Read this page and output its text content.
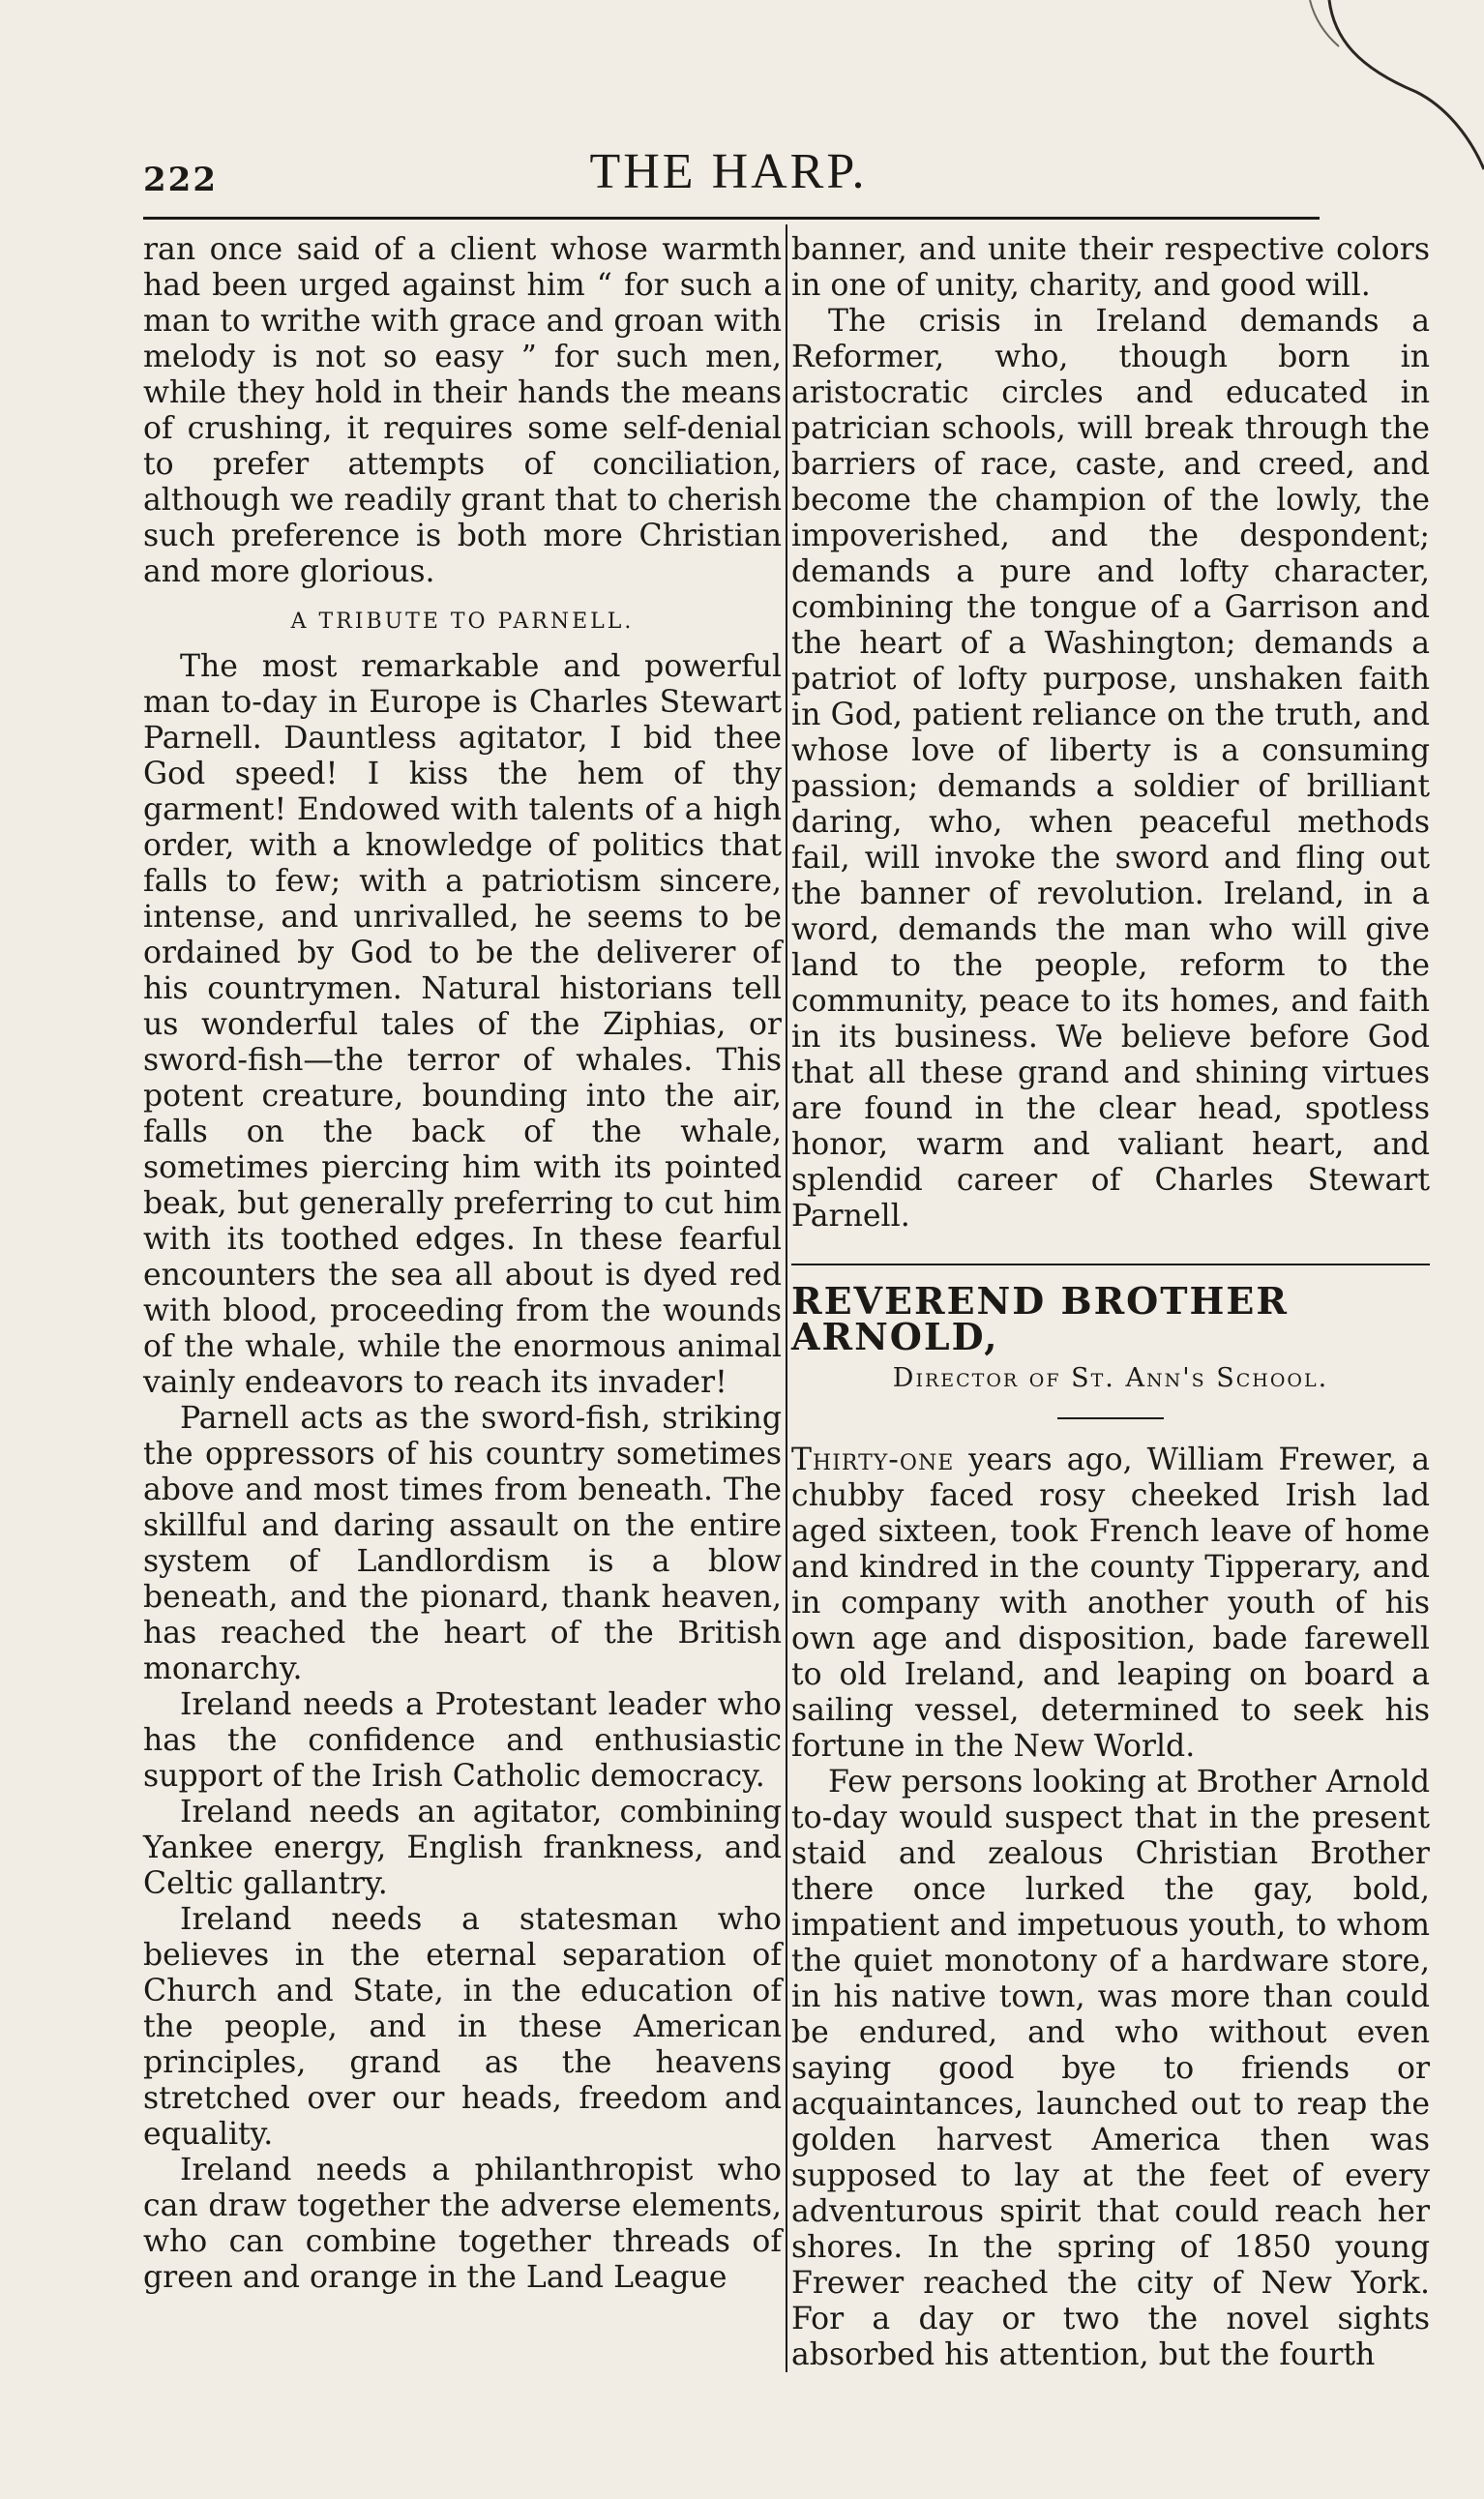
222	THE HARP.

ran once said of a client whose warmth had been urged against him “ for such a man to writhe with grace and groan with melody is not so easy ” for such men, while they hold in their hands the means of crushing, it requires some self-denial to prefer attempts of conciliation, although we readily grant that to cherish such preference is both more Christian and more glorious.

A TRIBUTE TO PARNELL.

The most remarkable and powerful man to-day in Europe is Charles Stewart Parnell. Dauntless agitator, I bid thee God speed! I kiss the hem of thy garment! Endowed with talents of a high order, with a knowledge of politics that falls to few; with a patriotism sincere, intense, and unrivalled, he seems to be ordained by God to be the deliverer of his countrymen. Natural historians tell us wonderful tales of the Ziphias, or sword-fish—the terror of whales. This potent creature, bounding into the air, falls on the back of the whale, sometimes piercing him with its pointed beak, but generally preferring to cut him with its toothed edges. In these fearful encounters the sea all about is dyed red with blood, proceeding from the wounds of the whale, while the enormous animal vainly endeavors to reach its invader!

Parnell acts as the sword-fish, striking the oppressors of his country sometimes above and most times from beneath. The skillful and daring assault on the entire system of Landlordism is a blow beneath, and the pionard, thank heaven, has reached the heart of the British monarchy.

Ireland needs a Protestant leader who has the confidence and enthusiastic support of the Irish Catholic democracy.

Ireland needs an agitator, combining Yankee energy, English frankness, and Celtic gallantry.

Ireland needs a statesman who believes in the eternal separation of Church and State, in the education of the people, and in these American principles, grand as the heavens stretched over our heads, freedom and equality.

Ireland needs a philanthropist who can draw together the adverse elements, who can combine together threads of green and orange in the Land League

banner, and unite their respective colors in one of unity, charity, and good will.

The crisis in Ireland demands a Reformer, who, though born in aristocratic circles and educated in patrician schools, will break through the barriers of race, caste, and creed, and become the champion of the lowly, the impoverished, and the despondent; demands a pure and lofty character, combining the tongue of a Garrison and the heart of a Washington; demands a patriot of lofty purpose, unshaken faith in God, patient reliance on the truth, and whose love of liberty is a consuming passion; demands a soldier of brilliant daring, who, when peaceful methods fail, will invoke the sword and fling out the banner of revolution. Ireland, in a word, demands the man who will give land to the people, reform to the community, peace to its homes, and faith in its business. We believe before God that all these grand and shining virtues are found in the clear head, spotless honor, warm and valiant heart, and splendid career of Charles Stewart Parnell.

REVEREND BROTHER ARNOLD,
Director of St. Ann's School.

Thirty-one years ago, William Frewer, a chubby faced rosy cheeked Irish lad aged sixteen, took French leave of home and kindred in the county Tipperary, and in company with another youth of his own age and disposition, bade farewell to old Ireland, and leaping on board a sailing vessel, determined to seek his fortune in the New World.

Few persons looking at Brother Arnold to-day would suspect that in the present staid and zealous Christian Brother there once lurked the gay, bold, impatient and impetuous youth, to whom the quiet monotony of a hardware store, in his native town, was more than could be endured, and who without even saying good bye to friends or acquaintances, launched out to reap the golden harvest America then was supposed to lay at the feet of every adventurous spirit that could reach her shores. In the spring of 1850 young Frewer reached the city of New York. For a day or two the novel sights absorbed his attention, but the fourth
